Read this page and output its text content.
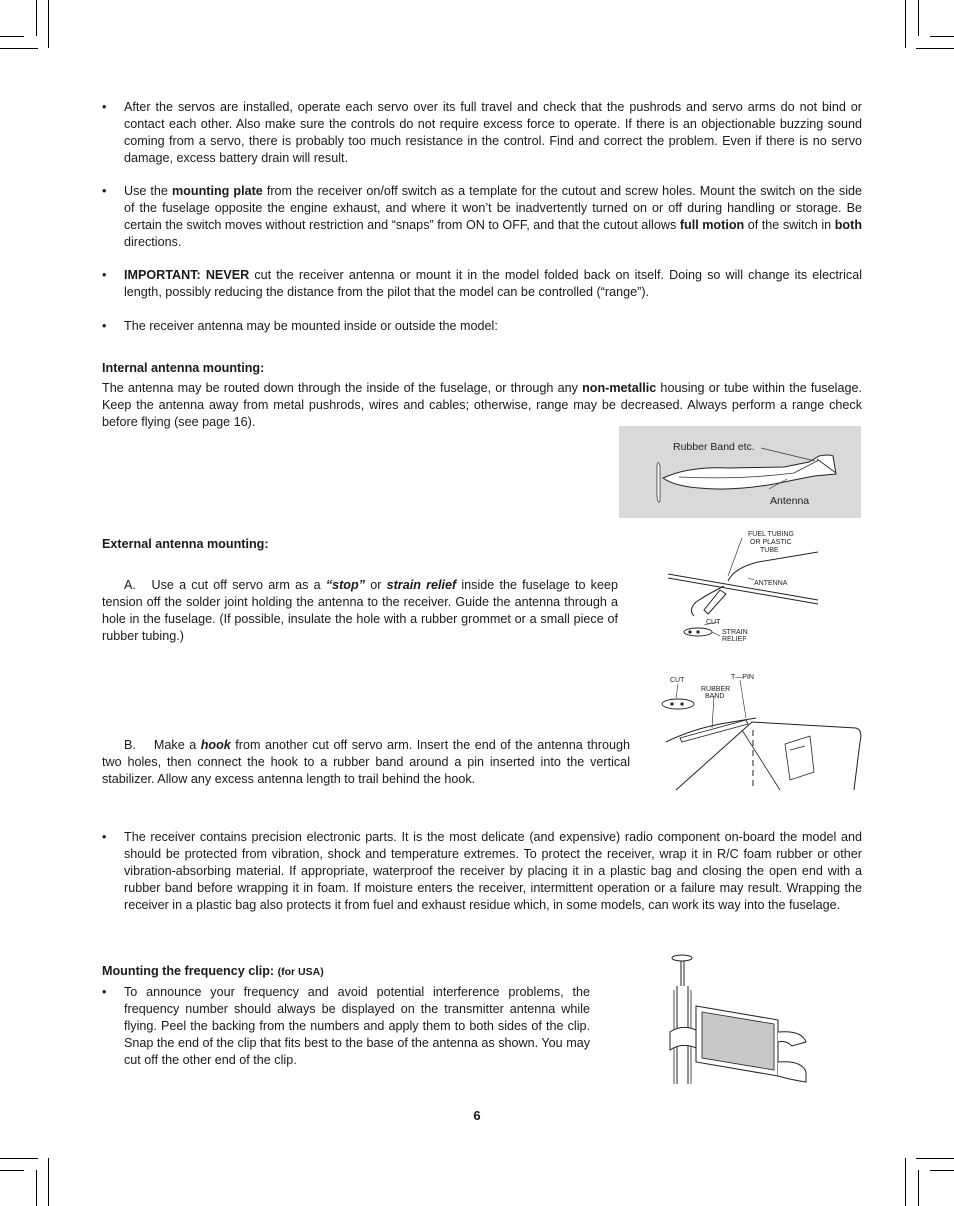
• After the servos are installed, operate each servo over its full travel and check that the pushrods and servo arms do not bind or contact each other. Also make sure the controls do not require excess force to operate. If there is an objectionable buzzing sound coming from a servo, there is probably too much resistance in the control. Find and correct the problem. Even if there is no servo damage, excess battery drain will result.

• Use the mounting plate from the receiver on/off switch as a template for the cutout and screw holes. Mount the switch on the side of the fuselage opposite the engine exhaust, and where it won’t be inadvertently turned on or off during handling or storage. Be certain the switch moves without restriction and “snaps” from ON to OFF, and that the cutout allows full motion of the switch in both directions.

• IMPORTANT: NEVER cut the receiver antenna or mount it in the model folded back on itself. Doing so will change its electrical length, possibly reducing the distance from the pilot that the model can be controlled (“range”).

• The receiver antenna may be mounted inside or outside the model:

Internal antenna mounting:

The antenna may be routed down through the inside of the fuselage, or through any non-metallic housing or tube within the fuselage. Keep the antenna away from metal pushrods, wires and cables; otherwise, range may be decreased. Always perform a range check before flying (see page 16).

Rubber Band etc.
Antenna
External antenna mounting:

A. Use a cut off servo arm as a “stop” or strain relief inside the fuselage to keep tension off the solder joint holding the antenna to the receiver. Guide the antenna through a hole in the fuselage. (If possible, insulate the hole with a rubber grommet or a small piece of rubber tubing.)

FUEL TUBING
OR PLASTIC
TUBE
ANTENNA
CUT
STRAIN
RELIEF
CUT
RUBBER
BAND
T—PIN

B. Make a hook from another cut off servo arm. Insert the end of the antenna through two holes, then connect the hook to a rubber band around a pin inserted into the vertical stabilizer. Allow any excess antenna length to trail behind the hook.

• The receiver contains precision electronic parts. It is the most delicate (and expensive) radio component on-board the model and should be protected from vibration, shock and temperature extremes. To protect the receiver, wrap it in R/C foam rubber or other vibration-absorbing material. If appropriate, waterproof the receiver by placing it in a plastic bag and closing the open end with a rubber band before wrapping it in foam. If moisture enters the receiver, intermittent operation or a failure may result. Wrapping the receiver in a plastic bag also protects it from fuel and exhaust residue which, in some models, can work its way into the fuselage.

Mounting the frequency clip: (for USA)

• To announce your frequency and avoid potential interference problems, the frequency number should always be displayed on the transmitter antenna while flying. Peel the backing from the numbers and apply them to both sides of the clip. Snap the end of the clip that fits best to the base of the antenna as shown. You may cut off the other end of the clip.

6
